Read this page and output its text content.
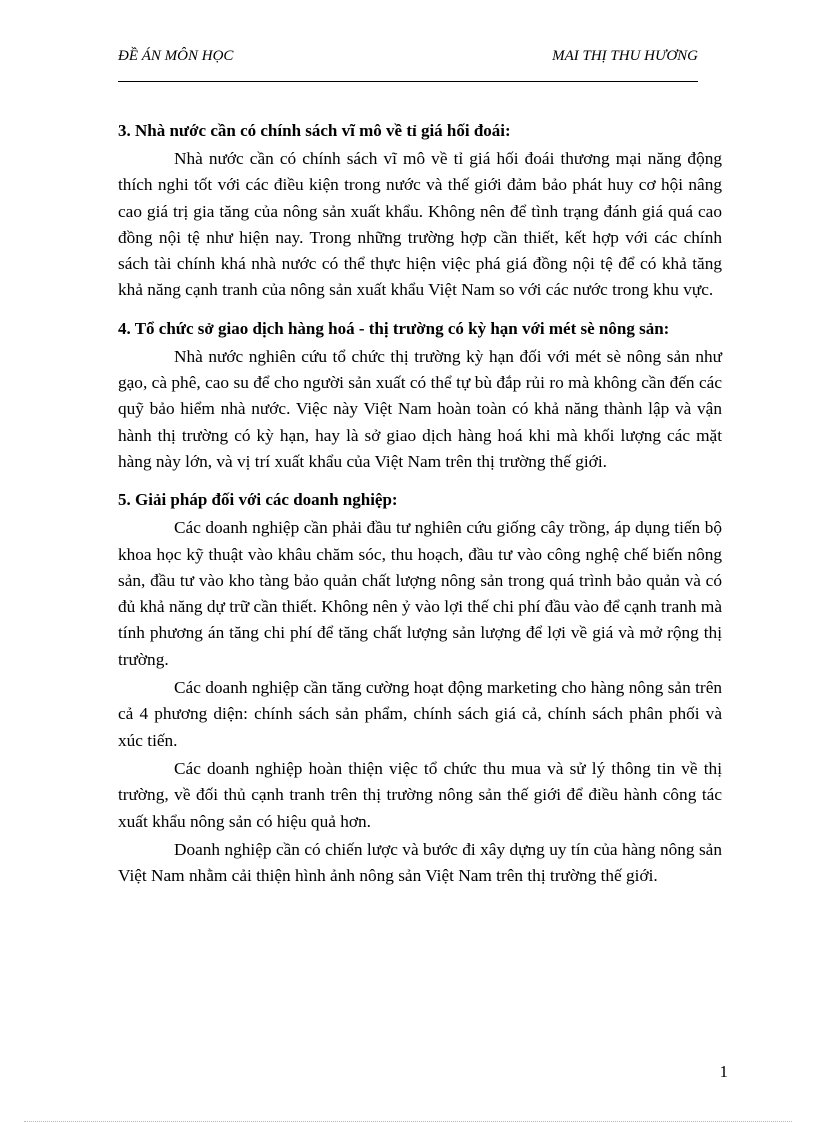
ĐỀ ÁN MÔN HỌC	MAI THỊ THU HƯƠNG
3. Nhà nước cần có chính sách vĩ mô về tỉ giá hối đoái:

Nhà nước cần có chính sách vĩ mô về tỉ giá hối đoái thương mại năng động thích nghi tốt với các điều kiện trong nước và thế giới đảm bảo phát huy cơ hội nâng cao giá trị gia tăng của nông sản xuất khẩu. Không nên để tình trạng đánh giá quá cao đồng nội tệ như hiện nay. Trong những trường hợp cần thiết, kết hợp với các chính sách tài chính khá nhà nước có thể thực hiện việc phá giá đồng nội tệ để có khả tăng khả năng cạnh tranh của nông sản xuất khẩu Việt Nam so với các nước trong khu vực.

4. Tổ chức sở giao dịch hàng hoá - thị trường có kỳ hạn với mét sè nông sản:

Nhà nước nghiên cứu tổ chức thị trường kỳ hạn đối với mét sè nông sản như gạo, cà phê, cao su để cho người sản xuất có thể tự bù đắp rủi ro mà không cần đến các quỹ bảo hiểm nhà nước. Việc này Việt Nam hoàn toàn có khả năng thành lập và vận hành thị trường có kỳ hạn, hay là sở giao dịch hàng hoá khi mà khối lượng các mặt hàng này lớn, và vị trí xuất khẩu của Việt Nam trên thị trường thế giới.

5. Giải pháp đối với các doanh nghiệp:

Các doanh nghiệp cần phải đầu tư nghiên cứu giống cây trồng, áp dụng tiến bộ khoa học kỹ thuật vào khâu chăm sóc, thu hoạch, đầu tư vào công nghệ chế biến nông sản, đầu tư vào kho tàng bảo quản chất lượng nông sản trong quá trình bảo quản và có đủ khả năng dự trữ cần thiết. Không nên ỷ vào lợi thế chi phí đầu vào để cạnh tranh mà tính phương án tăng chi phí để tăng chất lượng sản lượng để lợi về giá và mở rộng thị trường.

Các doanh nghiệp cần tăng cường hoạt động marketing cho hàng nông sản trên cả 4 phương diện: chính sách sản phẩm, chính sách giá cả, chính sách phân phối và xúc tiến.

Các doanh nghiệp hoàn thiện việc tổ chức thu mua và sử lý thông tin về thị trường, về đối thủ cạnh tranh trên thị trường nông sản thế giới để điều hành công tác xuất khẩu nông sản có hiệu quả hơn.

Doanh nghiệp cần có chiến lược và bước đi xây dựng uy tín của hàng nông sản Việt Nam nhằm cải thiện hình ảnh nông sản Việt Nam trên thị trường thế giới.

1
